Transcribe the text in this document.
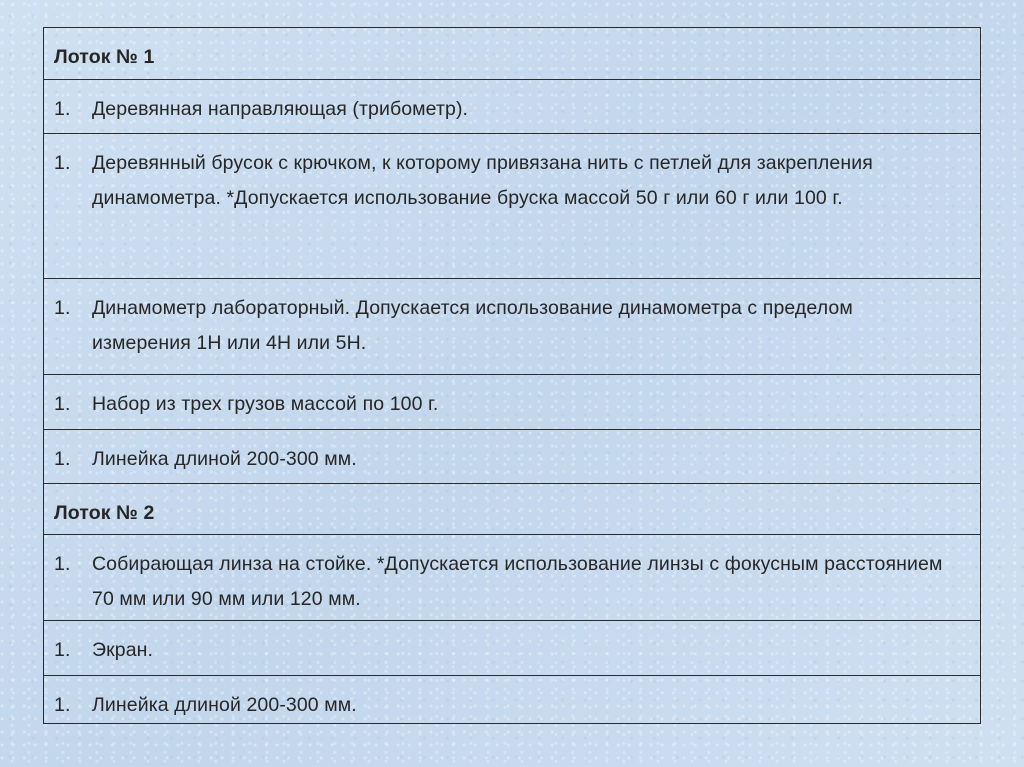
Лоток № 1
1.	Деревянная направляющая (трибометр).
1.	Деревянный брусок с крючком, к которому привязана нить с петлей для закрепления динамометра. *Допускается использование бруска массой 50 г или 60 г или 100 г.
1.	Динамометр лабораторный. Допускается использование динамометра с пределом измерения 1Н или 4Н или 5Н.
1.	Набор из трех грузов массой по 100 г.
1.	Линейка длиной 200-300 мм.
Лоток № 2
1.	Собирающая линза на стойке. *Допускается использование линзы с фокусным расстоянием 70 мм или 90 мм или 120 мм.
1.	Экран.
1.	Линейка длиной 200-300 мм.
